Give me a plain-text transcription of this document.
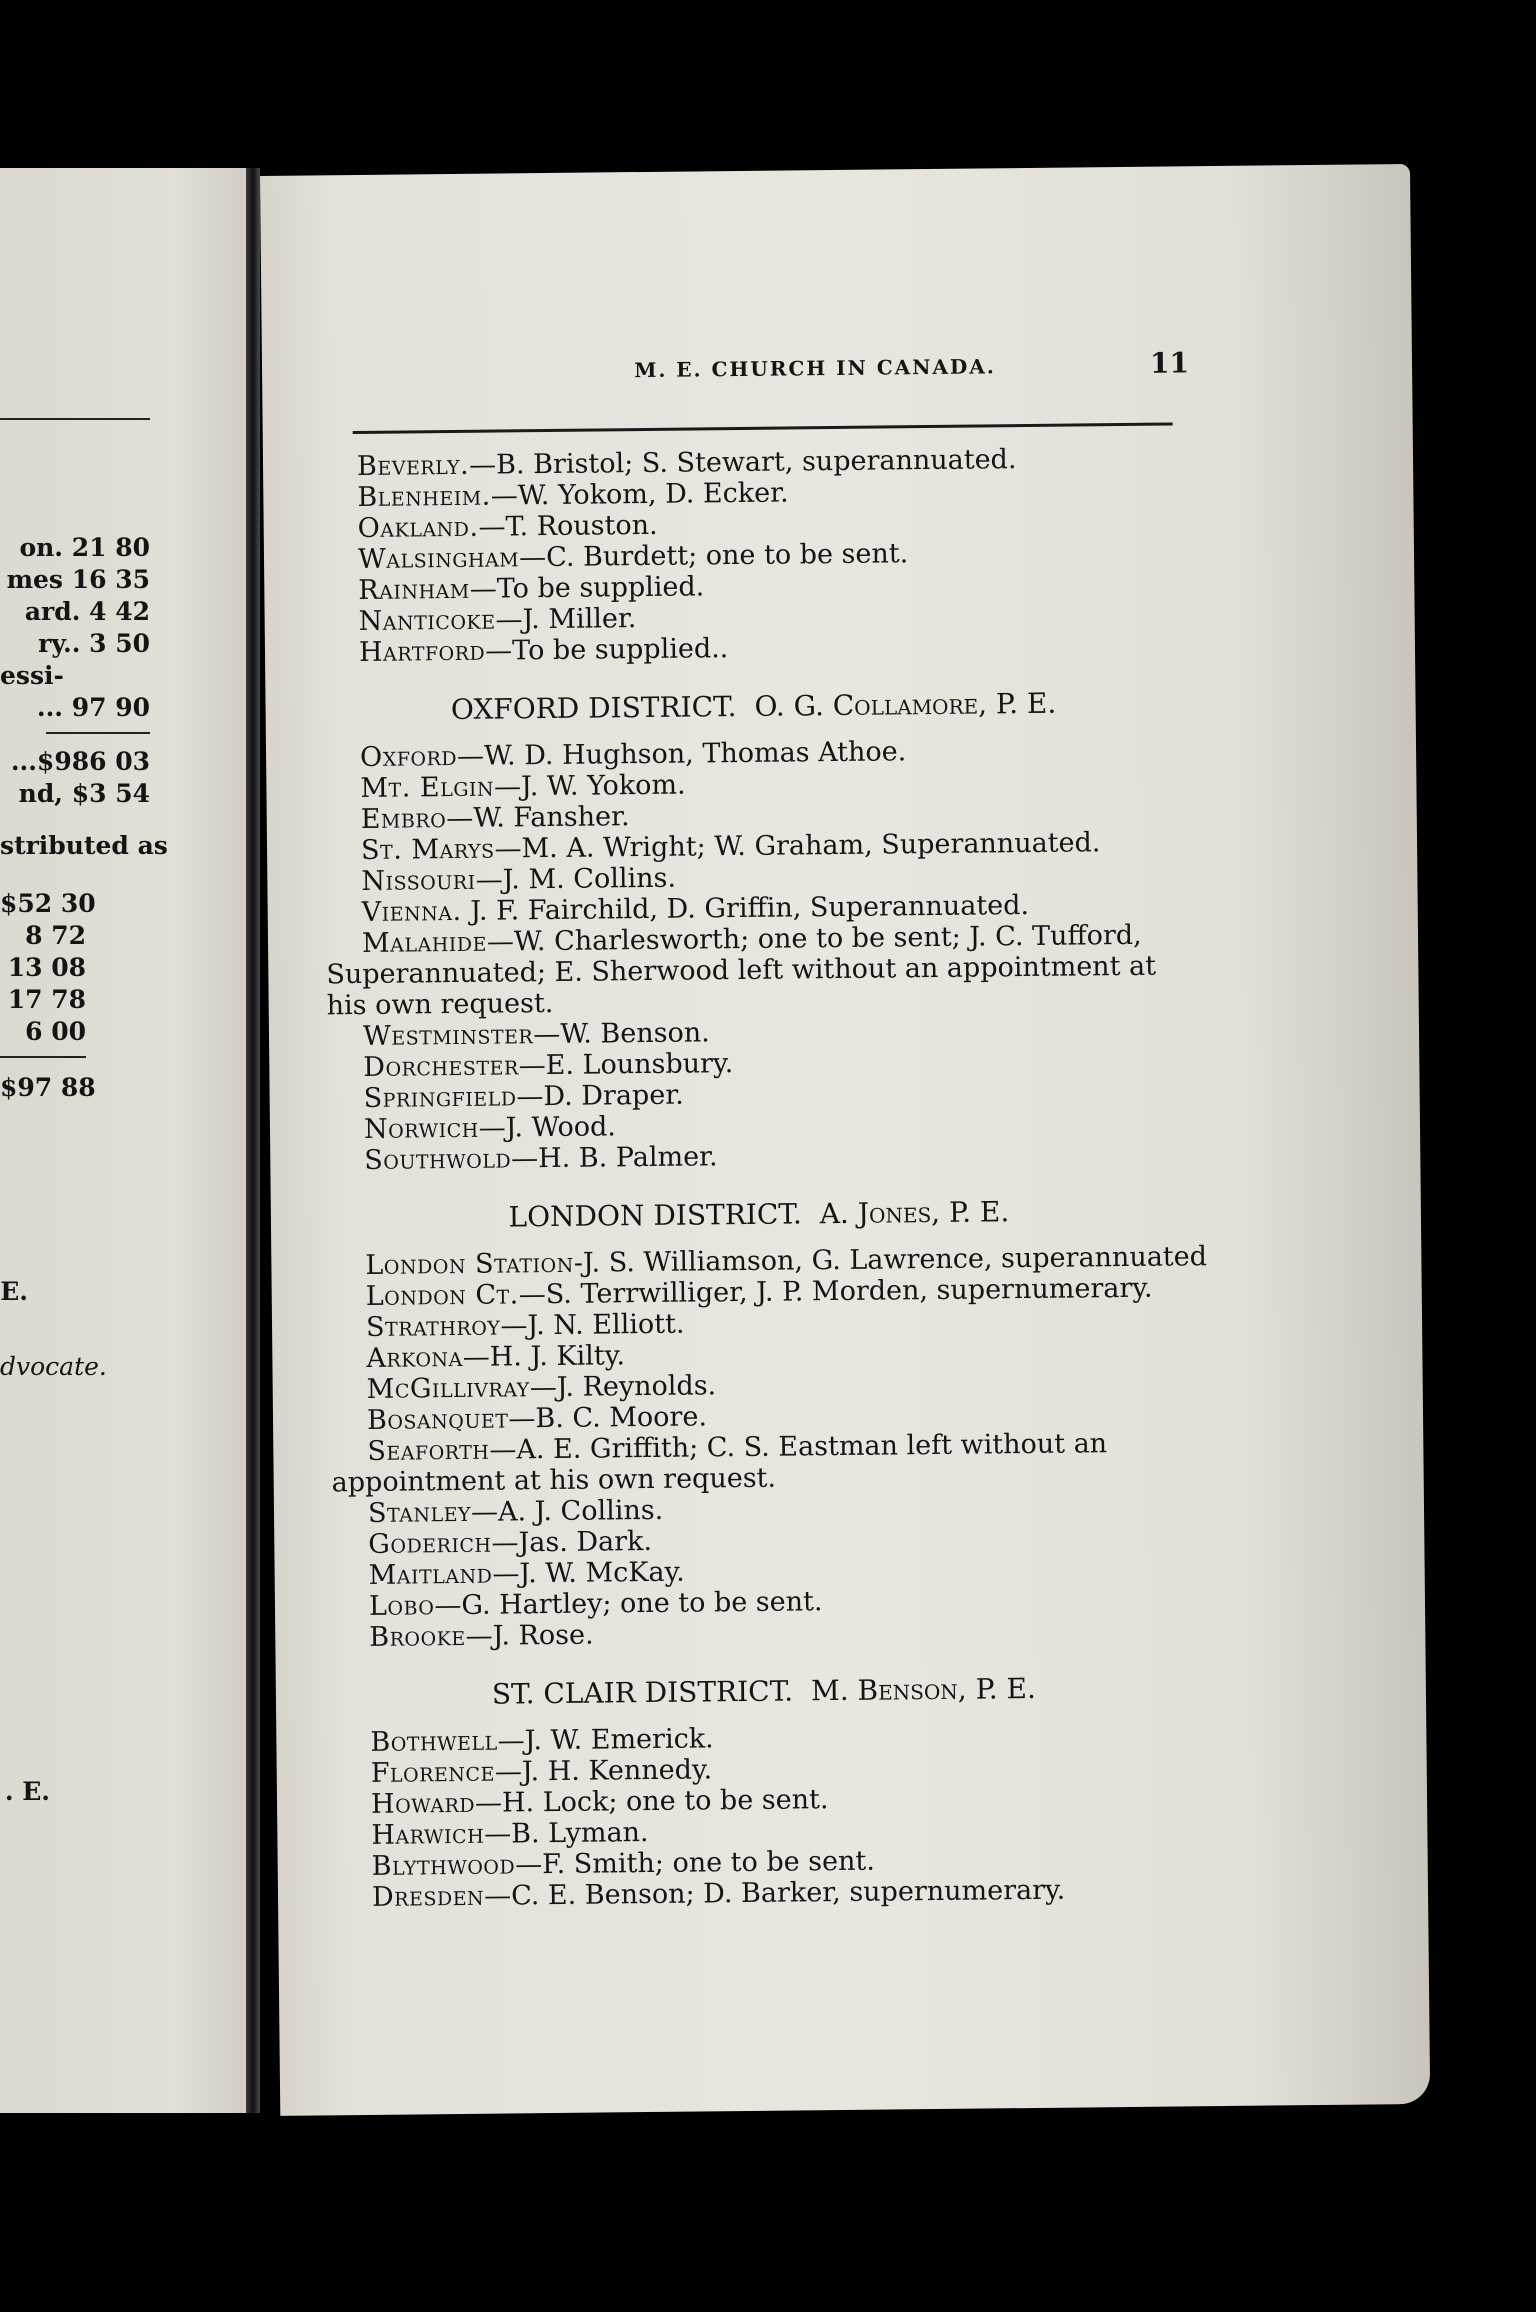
on. 21 80
mes 16 35
ard. 4 42
ry.. 3 50
essi-
... 97 90
...$986 03
nd, $3 54
stributed as
$52 30
8 72
13 08
17 78
6 00
$97 88
E.
dvocate.
. E.
M. E. CHURCH IN CANADA.	11
Beverly.—B. Bristol; S. Stewart, superannuated.
Blenheim.—W. Yokom, D. Ecker.
Oakland.—T. Rouston.
Walsingham—C. Burdett; one to be sent.
Rainham—To be supplied.
Nanticoke—J. Miller.
Hartford—To be supplied..
OXFORD DISTRICT. O. G. Collamore, P. E.
Oxford—W. D. Hughson, Thomas Athoe.
Mt. Elgin—J. W. Yokom.
Embro—W. Fansher.
St. Marys—M. A. Wright; W. Graham, Superannuated.
Nissouri—J. M. Collins.
Vienna. J. F. Fairchild, D. Griffin, Superannuated.
Malahide—W. Charlesworth; one to be sent; J. C. Tufford,
Superannuated; E. Sherwood left without an appointment at
his own request.
Westminster—W. Benson.
Dorchester—E. Lounsbury.
Springfield—D. Draper.
Norwich—J. Wood.
Southwold—H. B. Palmer.
LONDON DISTRICT. A. Jones, P. E.
London Station-J. S. Williamson, G. Lawrence, superannuated
London Ct.—S. Terrwilliger, J. P. Morden, supernumerary.
Strathroy—J. N. Elliott.
Arkona—H. J. Kilty.
McGillivray—J. Reynolds.
Bosanquet—B. C. Moore.
Seaforth—A. E. Griffith; C. S. Eastman left without an
appointment at his own request.
Stanley—A. J. Collins.
Goderich—Jas. Dark.
Maitland—J. W. McKay.
Lobo—G. Hartley; one to be sent.
Brooke—J. Rose.
ST. CLAIR DISTRICT. M. Benson, P. E.
Bothwell—J. W. Emerick.
Florence—J. H. Kennedy.
Howard—H. Lock; one to be sent.
Harwich—B. Lyman.
Blythwood—F. Smith; one to be sent.
Dresden—C. E. Benson; D. Barker, supernumerary.
